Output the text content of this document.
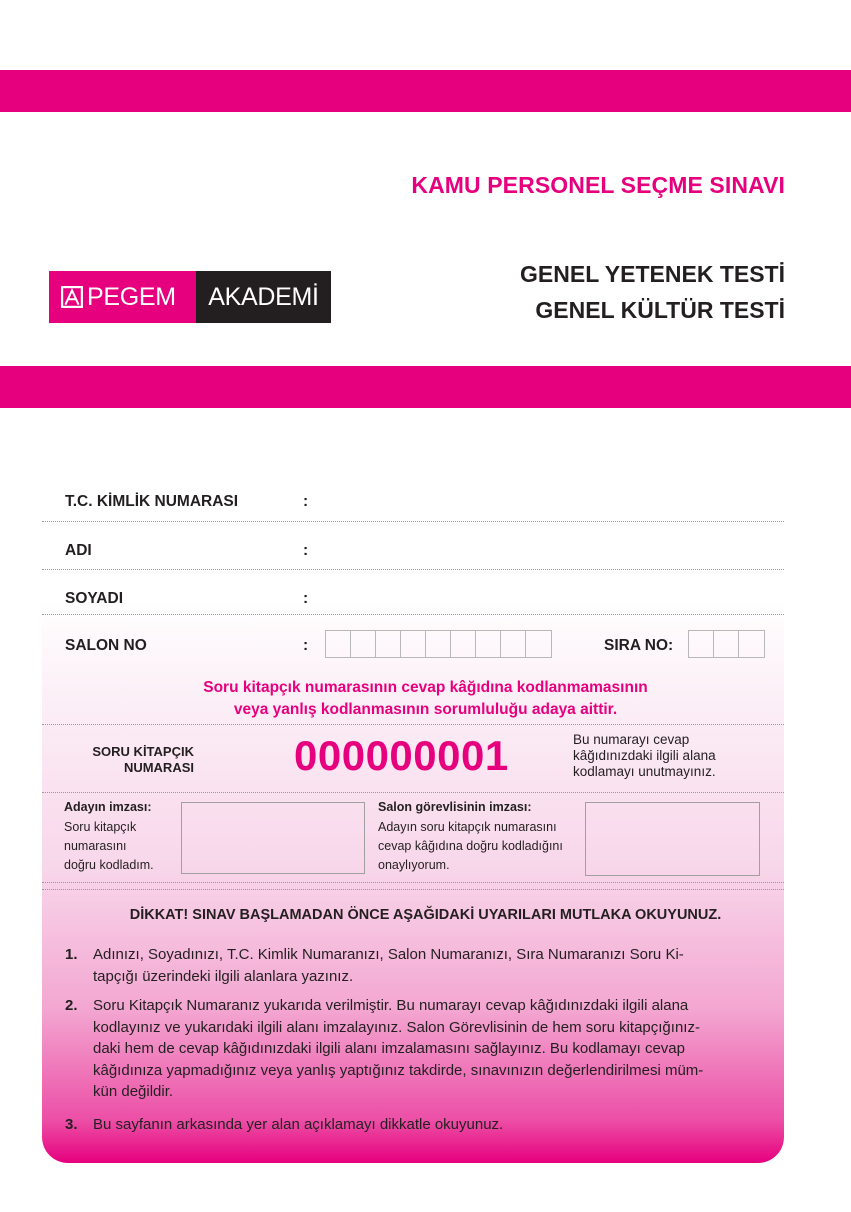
KAMU PERSONEL SEÇME SINAVI
PEGEM AKADEMİ
GENEL YETENEK TESTİ
GENEL KÜLTÜR TESTİ
T.C. KİMLİK NUMARASI	:
ADI	:
SOYADI	:
SALON NO	:	SIRA NO:
Soru kitapçık numarasının cevap kâğıdına kodlanmamasının
veya yanlış kodlanmasının sorumluluğu adaya aittir.
SORU KİTAPÇIK
NUMARASI 000000001	Bu numarayı cevap
kâğıdınızdaki ilgili alana
kodlamayı unutmayınız.
Adayın imzası:
Soru kitapçık
numarasını
doğru kodladım.
Salon görevlisinin imzası:
Adayın soru kitapçık numarasını
cevap kâğıdına doğru kodladığını
onaylıyorum.
DİKKAT! SINAV BAŞLAMADAN ÖNCE AŞAĞIDAKİ UYARILARI MUTLAKA OKUYUNUZ.
1. Adınızı, Soyadınızı, T.C. Kimlik Numaranızı, Salon Numaranızı, Sıra Numaranızı Soru Ki-
tapçığı üzerindeki ilgili alanlara yazınız.
2. Soru Kitapçık Numaranız yukarıda verilmiştir. Bu numarayı cevap kâğıdınızdaki ilgili alana
kodlayınız ve yukarıdaki ilgili alanı imzalayınız. Salon Görevlisinin de hem soru kitapçığınız-
daki hem de cevap kâğıdınızdaki ilgili alanı imzalamasını sağlayınız. Bu kodlamayı cevap
kâğıdınıza yapmadığınız veya yanlış yaptığınız takdirde, sınavınızın değerlendirilmesi müm-
kün değildir.
3. Bu sayfanın arkasında yer alan açıklamayı dikkatle okuyunuz.
